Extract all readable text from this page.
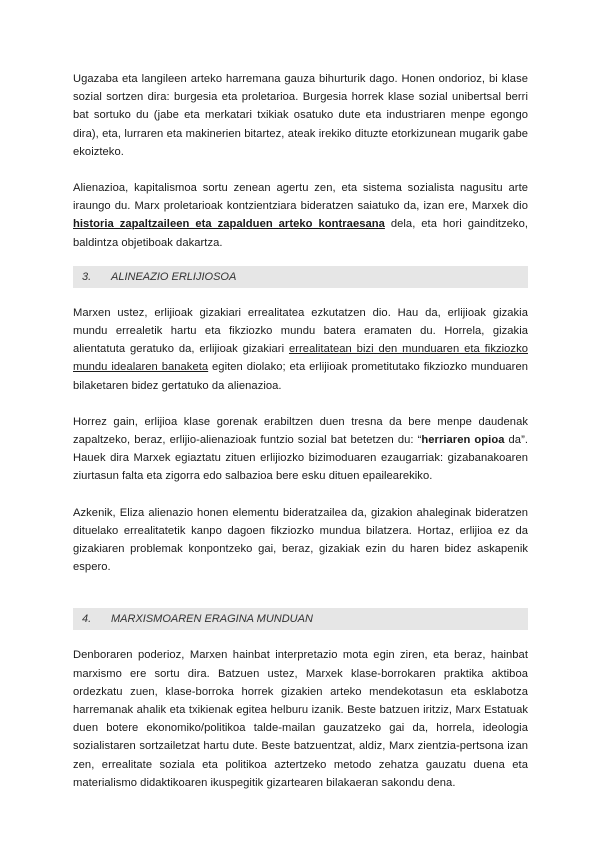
Ugazaba eta langileen arteko harremana gauza bihurturik dago. Honen ondorioz, bi klase sozial sortzen dira: burgesia eta proletarioa. Burgesia horrek klase sozial unibertsal berri bat sortuko du (jabe eta merkatari txikiak osatuko dute eta industriaren menpe egongo dira), eta, lurraren eta makinerien bitartez, ateak irekiko dituzte etorkizunean mugarik gabe ekoizteko.

Alienazioa, kapitalismoa sortu zenean agertu zen, eta sistema sozialista nagusitu arte iraungo du. Marx proletarioak kontzientziara bideratzen saiatuko da, izan ere, Marxek dio historia zapaltzaileen eta zapalduen arteko kontraesana dela, eta hori gainditzeko, baldintza objetiboak dakartza.

3.	ALINEAZIO ERLIJIOSOA

Marxen ustez, erlijioak gizakiari errealitatea ezkutatzen dio. Hau da, erlijioak gizakia mundu errealetik hartu eta fikziozko mundu batera eramaten du. Horrela, gizakia alientatuta geratuko da, erlijioak gizakiari errealitatean bizi den munduaren eta fikziozko mundu idealaren banaketa egiten diolako; eta erlijioak prometitutako fikziozko munduaren bilaketaren bidez gertatuko da alienazioa.

Horrez gain, erlijioa klase gorenak erabiltzen duen tresna da bere menpe daudenak zapaltzeko, beraz, erlijio-alienazioak funtzio sozial bat betetzen du: “herriaren opioa da”. Hauek dira Marxek egiaztatu zituen erlijiozko bizimoduaren ezaugarriak: gizabanakoaren ziurtasun falta eta zigorra edo salbazioa bere esku dituen epailearekiko.

Azkenik, Eliza alienazio honen elementu bideratzailea da, gizakion ahaleginak bideratzen dituelako errealitatetik kanpo dagoen fikziozko mundua bilatzera. Hortaz, erlijioa ez da gizakiaren problemak konpontzeko gai, beraz, gizakiak ezin du haren bidez askapenik espero.

4.	MARXISMOAREN ERAGINA MUNDUAN

Denboraren poderioz, Marxen hainbat interpretazio mota egin ziren, eta beraz, hainbat marxismo ere sortu dira. Batzuen ustez, Marxek klase-borrokaren praktika aktiboa ordezkatu zuen, klase-borroka horrek gizakien arteko mendekotasun eta esklabotza harremanak ahalik eta txikienak egitea helburu izanik. Beste batzuen iritziz, Marx Estatuak duen botere ekonomiko/politikoa talde-mailan gauzatzeko gai da, horrela, ideologia sozialistaren sortzailetzat hartu dute. Beste batzuentzat, aldiz, Marx zientzia-pertsona izan zen, errealitate soziala eta politikoa aztertzeko metodo zehatza gauzatu duena eta materialismo didaktikoaren ikuspegitik gizartearen bilakaeran sakondu dena.
